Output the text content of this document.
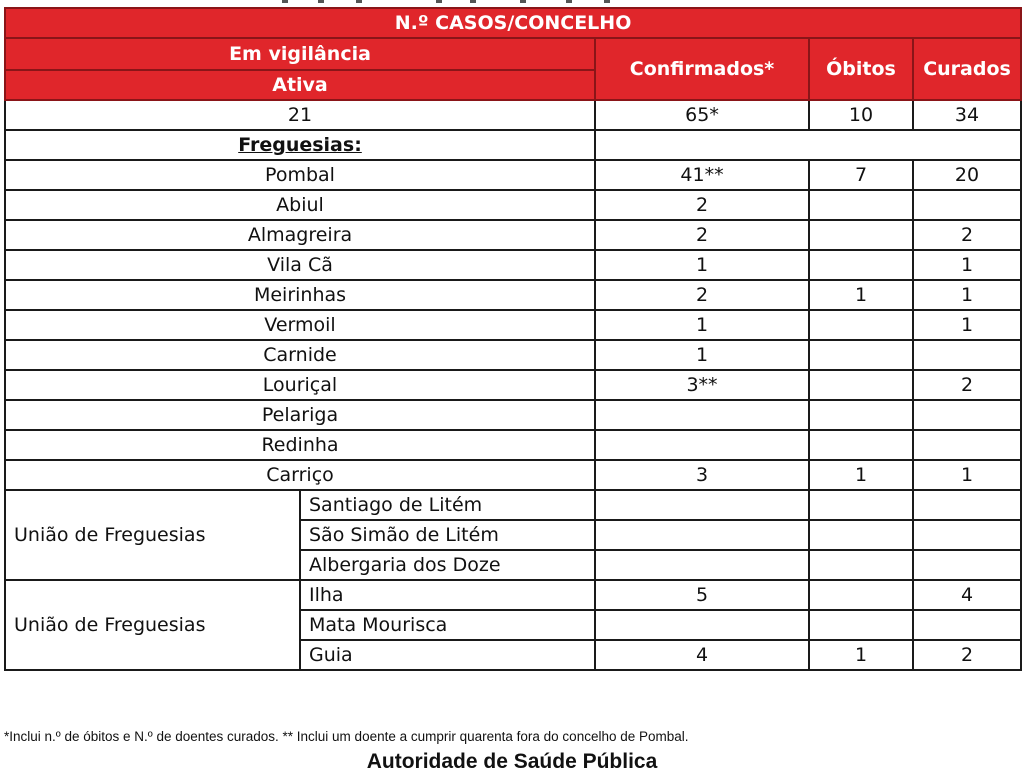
N.º CASOS/CONCELHO				
Em vigilância		Confirmados*	Óbitos	Curados
Ativa				
21		65*	10	34
Freguesias:				
Pombal		41**	7	20
Abiul		2		
Almagreira		2		2
Vila Cã		1		1
Meirinhas		2	1	1
Vermoil		1		1
Carnide		1		
Louriçal		3**		2
Pelariga				
Redinha				
Carriço		3	1	1
União de Freguesias	Santiago de Litém			
	São Simão de Litém			
	Albergaria dos Doze			
União de Freguesias	Ilha	5		4
	Mata Mourisca			
	Guia	4	1	2
*Inclui n.º de óbitos e N.º de doentes curados. ** Inclui um doente a cumprir quarenta fora do concelho de Pombal.
Autoridade de Saúde Pública
